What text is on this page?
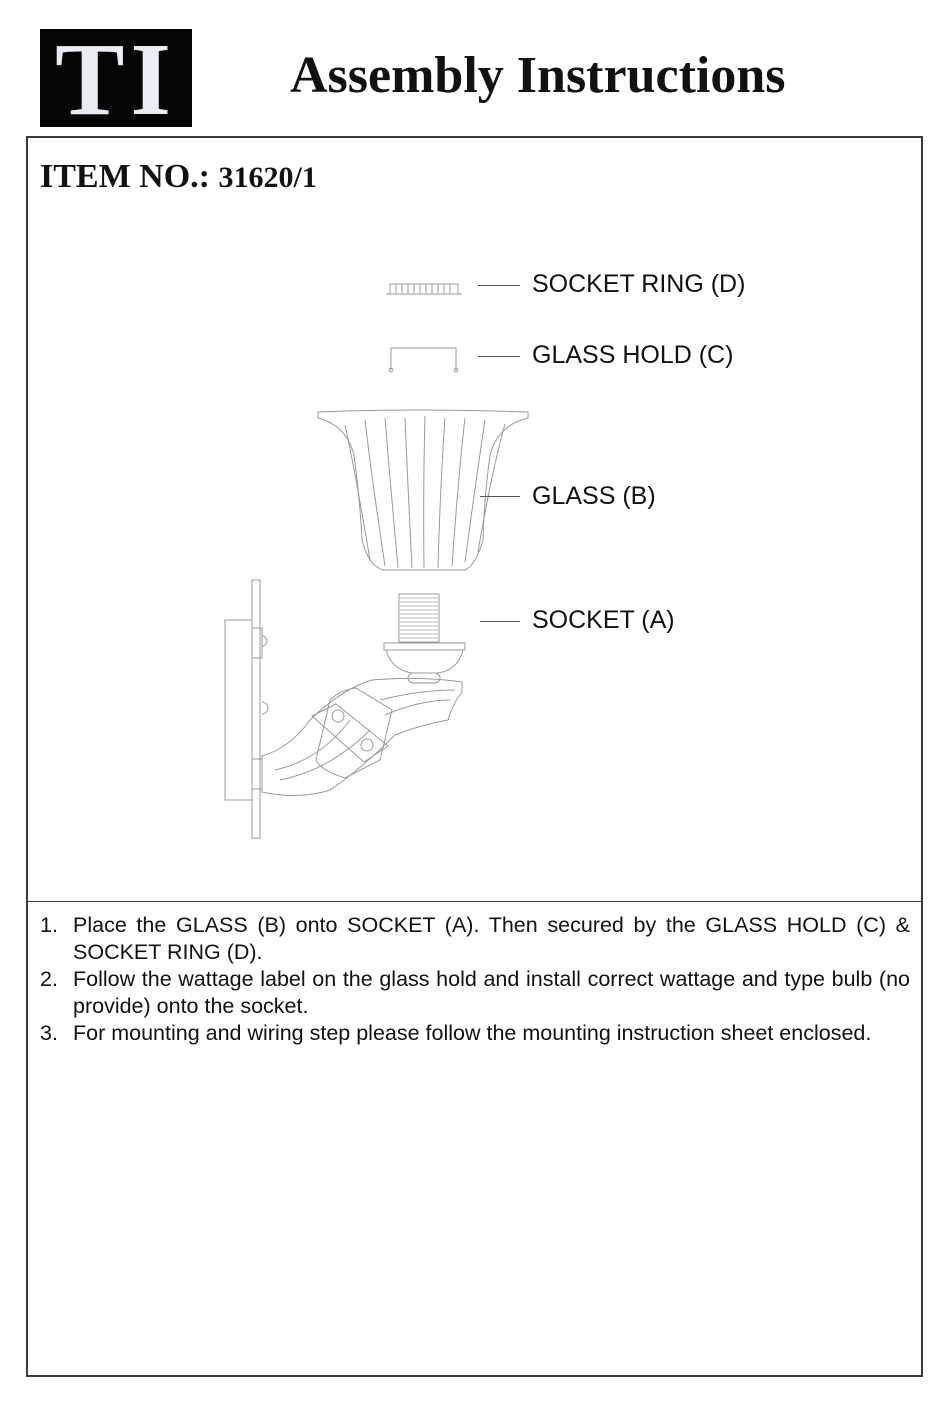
TI Assembly Instructions
ITEM NO.: 31620/1
SOCKET RING (D)
GLASS HOLD (C)
GLASS (B)
SOCKET (A)
1. Place the GLASS (B) onto SOCKET (A). Then secured by the GLASS HOLD (C) & SOCKET RING (D).
2. Follow the wattage label on the glass hold and install correct wattage and type bulb (no provide) onto the socket.
3. For mounting and wiring step please follow the mounting instruction sheet enclosed.
